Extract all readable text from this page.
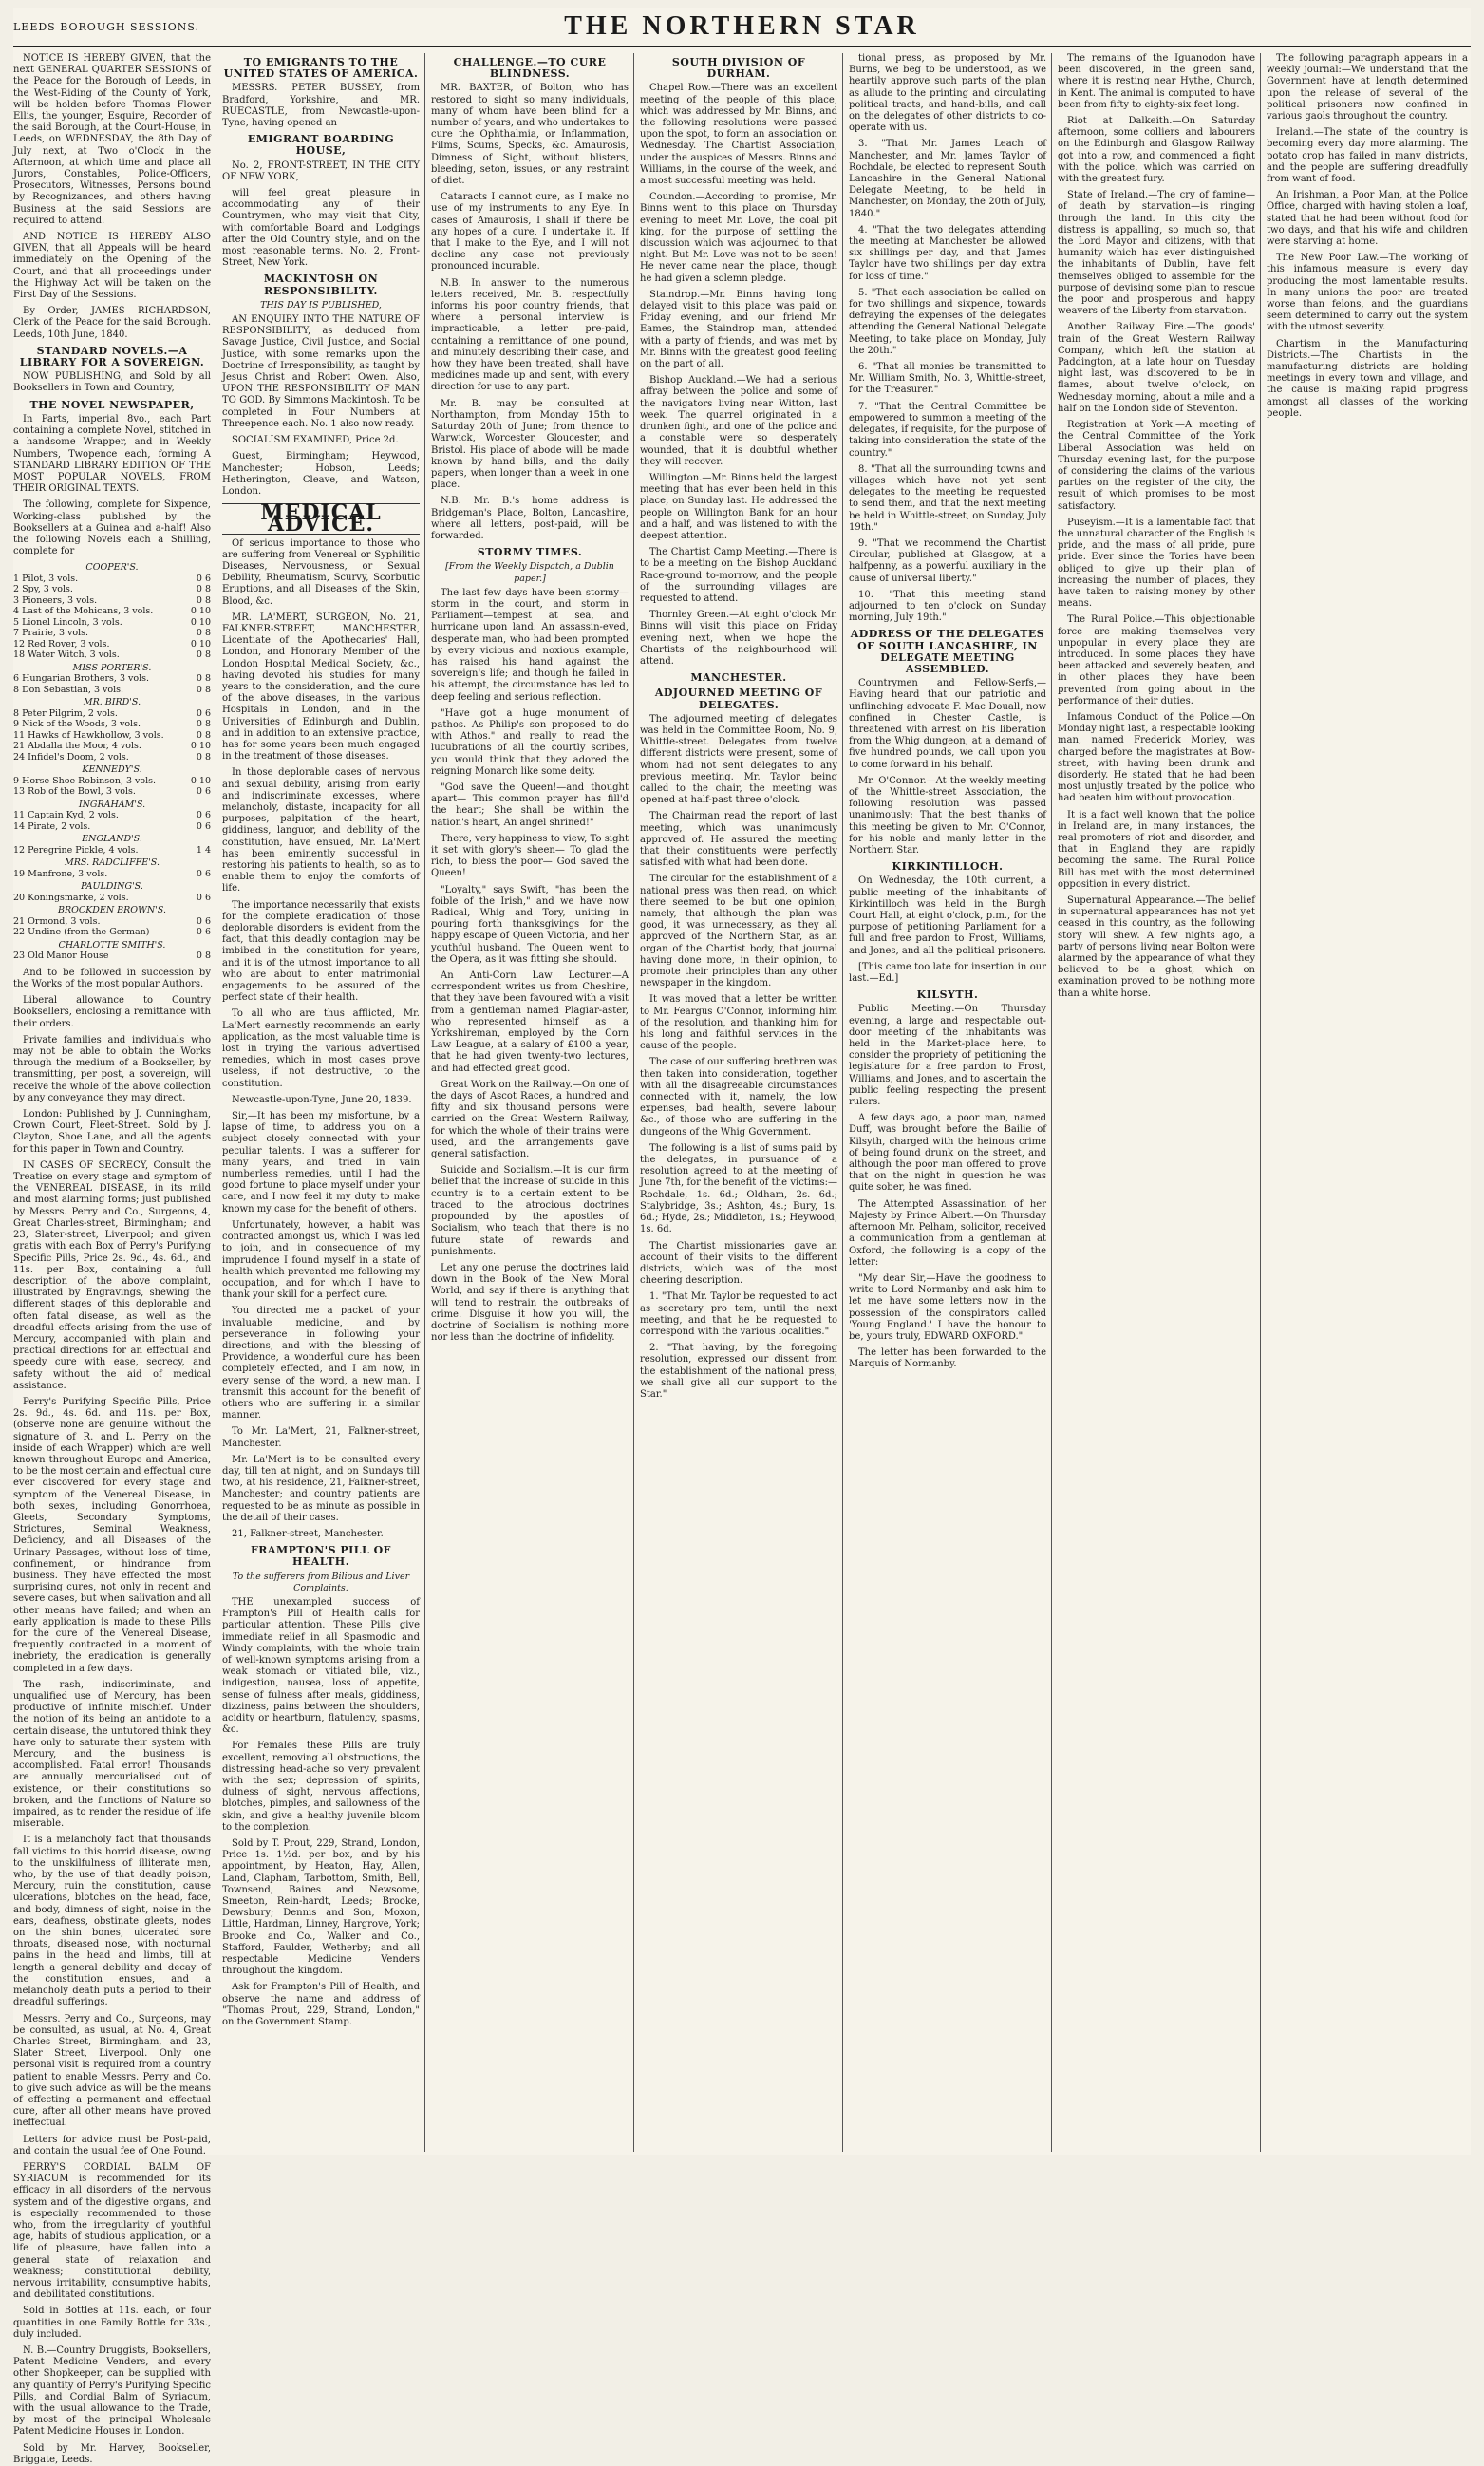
LEEDS BOROUGH SESSIONS.	THE NORTHERN STAR

NOTICE IS HEREBY GIVEN, that the next GENERAL QUARTER SESSIONS of the Peace for the Borough of Leeds, in the West-Riding of the County of York, will be holden before Thomas Flower Ellis, the younger, Esquire, Recorder of the said Borough, at the Court-House, in Leeds, on WEDNESDAY, the 8th Day of July next, at Two o'Clock in the Afternoon, at which time and place all Jurors, Constables, Police-Officers, Prosecutors, Witnesses, Persons bound by Recognizances, and others having Business at the said Sessions are required to attend.

AND NOTICE IS HEREBY ALSO GIVEN, that all Appeals will be heard immediately on the Opening of the Court, and that all proceedings under the Highway Act will be taken on the First Day of the Sessions.

By Order, JAMES RICHARDSON, Clerk of the Peace for the said Borough. Leeds, 10th June, 1840.

STANDARD NOVELS.—A LIBRARY FOR A SOVEREIGN.

NOW PUBLISHING, and Sold by all Booksellers in Town and Country,

THE NOVEL NEWSPAPER,

In Parts, imperial 8vo., each Part containing a complete Novel, stitched in a handsome Wrapper, and in Weekly Numbers, Twopence each, forming A STANDARD LIBRARY EDITION OF THE MOST POPULAR NOVELS, FROM THEIR ORIGINAL TEXTS.

The following, complete for Sixpence, Working-class published by the Booksellers at a Guinea and a-half! Also the following Novels each a Shilling, complete for

COOPER'S.
1 Pilot, 3 vols.	0 6
2 Spy, 3 vols.	0 8
3 Pioneers, 3 vols.	0 8
4 Last of the Mohicans, 3 vols.	0 10
5 Lionel Lincoln, 3 vols.	0 10
7 Prairie, 3 vols.	0 8
12 Red Rover, 3 vols.	0 10
18 Water Witch, 3 vols.	0 8
MISS PORTER'S.
6 Hungarian Brothers, 3 vols.	0 8
8 Don Sebastian, 3 vols.	0 8
MR. BIRD'S.
8 Peter Pilgrim, 2 vols.	0 6
9 Nick of the Woods, 3 vols.	0 8
11 Hawks of Hawkhollow, 3 vols.	0 8
21 Abdalla the Moor, 4 vols.	0 10
24 Infidel's Doom, 2 vols.	0 8
KENNEDY'S.
9 Horse Shoe Robinson, 3 vols.	0 10
13 Rob of the Bowl, 3 vols.	0 6
INGRAHAM'S.
11 Captain Kyd, 2 vols.	0 6
14 Pirate, 2 vols.	0 6
ENGLAND'S.
12 Peregrine Pickle, 4 vols.	1 4
MRS. RADCLIFFE'S.
19 Manfrone, 3 vols.	0 6
PAULDING'S.
20 Koningsmarke, 2 vols.	0 6
BROCKDEN BROWN'S.
21 Ormond, 3 vols.	0 6
22 Undine (from the German)	0 6
CHARLOTTE SMITH'S.
23 Old Manor House	0 8

And to be followed in succession by the Works of the most popular Authors.

Liberal allowance to Country Booksellers, enclosing a remittance with their orders.

Private families and individuals who may not be able to obtain the Works through the medium of a Bookseller, by transmitting, per post, a sovereign, will receive the whole of the above collection by any conveyance they may direct.

London: Published by J. Cunningham, Crown Court, Fleet-Street. Sold by J. Clayton, Shoe Lane, and all the agents for this paper in Town and Country.

IN CASES OF SECRECY, Consult the Treatise on every stage and symptom of the VENEREAL DISEASE, in its mild and most alarming forms; just published by Messrs. Perry and Co., Surgeons, 4, Great Charles-street, Birmingham; and 23, Slater-street, Liverpool; and given gratis with each Box of Perry's Purifying Specific Pills, Price 2s. 9d., 4s. 6d., and 11s. per Box, containing a full description of the above complaint, illustrated by Engravings, shewing the different stages of this deplorable and often fatal disease, as well as the dreadful effects arising from the use of Mercury, accompanied with plain and practical directions for an effectual and speedy cure with ease, secrecy, and safety without the aid of medical assistance.

Perry's Purifying Specific Pills, Price 2s. 9d., 4s. 6d. and 11s. per Box, (observe none are genuine without the signature of R. and L. Perry on the inside of each Wrapper) which are well known throughout Europe and America, to be the most certain and effectual cure ever discovered for every stage and symptom of the Venereal Disease, in both sexes, including Gonorrhoea, Gleets, Secondary Symptoms, Strictures, Seminal Weakness, Deficiency, and all Diseases of the Urinary Passages, without loss of time, confinement, or hindrance from business. They have effected the most surprising cures, not only in recent and severe cases, but when salivation and all other means have failed; and when an early application is made to these Pills for the cure of the Venereal Disease, frequently contracted in a moment of inebriety, the eradication is generally completed in a few days.

The rash, indiscriminate, and unqualified use of Mercury, has been productive of infinite mischief. Under the notion of its being an antidote to a certain disease, the untutored think they have only to saturate their system with Mercury, and the business is accomplished. Fatal error! Thousands are annually mercurialised out of existence, or their constitutions so broken, and the functions of Nature so impaired, as to render the residue of life miserable.

It is a melancholy fact that thousands fall victims to this horrid disease, owing to the unskilfulness of illiterate men, who, by the use of that deadly poison, Mercury, ruin the constitution, cause ulcerations, blotches on the head, face, and body, dimness of sight, noise in the ears, deafness, obstinate gleets, nodes on the shin bones, ulcerated sore throats, diseased nose, with nocturnal pains in the head and limbs, till at length a general debility and decay of the constitution ensues, and a melancholy death puts a period to their dreadful sufferings.

Messrs. Perry and Co., Surgeons, may be consulted, as usual, at No. 4, Great Charles Street, Birmingham, and 23, Slater Street, Liverpool. Only one personal visit is required from a country patient to enable Messrs. Perry and Co. to give such advice as will be the means of effecting a permanent and effectual cure, after all other means have proved ineffectual.

Letters for advice must be Post-paid, and contain the usual fee of One Pound.

PERRY'S CORDIAL BALM OF SYRIACUM is recommended for its efficacy in all disorders of the nervous system and of the digestive organs, and is especially recommended to those who, from the irregularity of youthful age, habits of studious application, or a life of pleasure, have fallen into a general state of relaxation and weakness; constitutional debility, nervous irritability, consumptive habits, and debilitated constitutions.

Sold in Bottles at 11s. each, or four quantities in one Family Bottle for 33s., duly included.

N. B.—Country Druggists, Booksellers, Patent Medicine Venders, and every other Shopkeeper, can be supplied with any quantity of Perry's Purifying Specific Pills, and Cordial Balm of Syriacum, with the usual allowance to the Trade, by most of the principal Wholesale Patent Medicine Houses in London.

Sold by Mr. Harvey, Bookseller, Briggate, Leeds.

TO EMIGRANTS TO THE UNITED STATES OF AMERICA.

MESSRS. PETER BUSSEY, from Bradford, Yorkshire, and MR. RUECASTLE, from Newcastle-upon-Tyne, having opened an

EMIGRANT BOARDING HOUSE,

No. 2, FRONT-STREET, IN THE CITY OF NEW YORK,

will feel great pleasure in accommodating any of their Countrymen, who may visit that City, with comfortable Board and Lodgings after the Old Country style, and on the most reasonable terms. No. 2, Front-Street, New York.

MACKINTOSH ON RESPONSIBILITY.
THIS DAY IS PUBLISHED,

AN ENQUIRY INTO THE NATURE OF RESPONSIBILITY, as deduced from Savage Justice, Civil Justice, and Social Justice, with some remarks upon the Doctrine of Irresponsibility, as taught by Jesus Christ and Robert Owen. Also, UPON THE RESPONSIBILITY OF MAN TO GOD. By Simmons Mackintosh. To be completed in Four Numbers at Threepence each. No. 1 also now ready.

SOCIALISM EXAMINED, Price 2d.

Guest, Birmingham; Heywood, Manchester; Hobson, Leeds; Hetherington, Cleave, and Watson, London.

MEDICAL ADVICE.

Of serious importance to those who are suffering from Venereal or Syphilitic Diseases, Nervousness, or Sexual Debility, Rheumatism, Scurvy, Scorbutic Eruptions, and all Diseases of the Skin, Blood, &c.

MR. LA'MERT, SURGEON, No. 21, FALKNER-STREET, MANCHESTER, Licentiate of the Apothecaries' Hall, London, and Honorary Member of the London Hospital Medical Society, &c., having devoted his studies for many years to the consideration, and the cure of the above diseases, in the various Hospitals in London, and in the Universities of Edinburgh and Dublin, and in addition to an extensive practice, has for some years been much engaged in the treatment of those diseases.

In those deplorable cases of nervous and sexual debility, arising from early and indiscriminate excesses, where melancholy, distaste, incapacity for all purposes, palpitation of the heart, giddiness, languor, and debility of the constitution, have ensued, Mr. La'Mert has been eminently successful in restoring his patients to health, so as to enable them to enjoy the comforts of life.

The importance necessarily that exists for the complete eradication of those deplorable disorders is evident from the fact, that this deadly contagion may be imbibed in the constitution for years, and it is of the utmost importance to all who are about to enter matrimonial engagements to be assured of the perfect state of their health.

To all who are thus afflicted, Mr. La'Mert earnestly recommends an early application, as the most valuable time is lost in trying the various advertised remedies, which in most cases prove useless, if not destructive, to the constitution.

Newcastle-upon-Tyne, June 20, 1839.

Sir,—It has been my misfortune, by a lapse of time, to address you on a subject closely connected with your peculiar talents. I was a sufferer for many years, and tried in vain numberless remedies, until I had the good fortune to place myself under your care, and I now feel it my duty to make known my case for the benefit of others.

Unfortunately, however, a habit was contracted amongst us, which I was led to join, and in consequence of my imprudence I found myself in a state of health which prevented me following my occupation, and for which I have to thank your skill for a perfect cure.

You directed me a packet of your invaluable medicine, and by perseverance in following your directions, and with the blessing of Providence, a wonderful cure has been completely effected, and I am now, in every sense of the word, a new man. I transmit this account for the benefit of others who are suffering in a similar manner.

To Mr. La'Mert, 21, Falkner-street, Manchester.

Mr. La'Mert is to be consulted every day, till ten at night, and on Sundays till two, at his residence, 21, Falkner-street, Manchester; and country patients are requested to be as minute as possible in the detail of their cases.

21, Falkner-street, Manchester.

FRAMPTON'S PILL OF HEALTH.
To the sufferers from Bilious and Liver Complaints.

THE unexampled success of Frampton's Pill of Health calls for particular attention. These Pills give immediate relief in all Spasmodic and Windy complaints, with the whole train of well-known symptoms arising from a weak stomach or vitiated bile, viz., indigestion, nausea, loss of appetite, sense of fulness after meals, giddiness, dizziness, pains between the shoulders, acidity or heartburn, flatulency, spasms, &c.

For Females these Pills are truly excellent, removing all obstructions, the distressing head-ache so very prevalent with the sex; depression of spirits, dulness of sight, nervous affections, blotches, pimples, and sallowness of the skin, and give a healthy juvenile bloom to the complexion.

Sold by T. Prout, 229, Strand, London, Price 1s. 1½d. per box, and by his appointment, by Heaton, Hay, Allen, Land, Clapham, Tarbottom, Smith, Bell, Townsend, Baines and Newsome, Smeeton, Rein-hardt, Leeds; Brooke, Dewsbury; Dennis and Son, Moxon, Little, Hardman, Linney, Hargrove, York; Brooke and Co., Walker and Co., Stafford, Faulder, Wetherby; and all respectable Medicine Venders throughout the kingdom.

Ask for Frampton's Pill of Health, and observe the name and address of "Thomas Prout, 229, Strand, London," on the Government Stamp.

CHALLENGE.—TO CURE BLINDNESS.

MR. BAXTER, of Bolton, who has restored to sight so many individuals, many of whom have been blind for a number of years, and who undertakes to cure the Ophthalmia, or Inflammation, Films, Scums, Specks, &c. Amaurosis, Dimness of Sight, without blisters, bleeding, seton, issues, or any restraint of diet.

Cataracts I cannot cure, as I make no use of my instruments to any Eye. In cases of Amaurosis, I shall if there be any hopes of a cure, I undertake it. If that I make to the Eye, and I will not decline any case not previously pronounced incurable.

N.B. In answer to the numerous letters received, Mr. B. respectfully informs his poor country friends, that where a personal interview is impracticable, a letter pre-paid, containing a remittance of one pound, and minutely describing their case, and how they have been treated, shall have medicines made up and sent, with every direction for use to any part.

Mr. B. may be consulted at Northampton, from Monday 15th to Saturday 20th of June; from thence to Warwick, Worcester, Gloucester, and Bristol. His place of abode will be made known by hand bills, and the daily papers, when longer than a week in one place.

N.B. Mr. B.'s home address is Bridgeman's Place, Bolton, Lancashire, where all letters, post-paid, will be forwarded.

STORMY TIMES.
[From the Weekly Dispatch, a Dublin paper.]

The last few days have been stormy—storm in the court, and storm in Parliament—tempest at sea, and hurricane upon land. An assassin-eyed, desperate man, who had been prompted by every vicious and noxious example, has raised his hand against the sovereign's life; and though he failed in his attempt, the circumstance has led to deep feeling and serious reflection.

"Have got a huge monument of pathos. As Philip's son proposed to do with Athos." and really to read the lucubrations of all the courtly scribes, you would think that they adored the reigning Monarch like some deity.

"God save the Queen!—and thought apart— This common prayer has fill'd the heart; She shall be within the nation's heart, An angel shrined!"

There, very happiness to view, To sight it set with glory's sheen— To glad the rich, to bless the poor— God saved the Queen!

"Loyalty," says Swift, "has been the foible of the Irish," and we have now Radical, Whig and Tory, uniting in pouring forth thanksgivings for the happy escape of Queen Victoria, and her youthful husband. The Queen went to the Opera, as it was fitting she should.

An Anti-Corn Law Lecturer.—A correspondent writes us from Cheshire, that they have been favoured with a visit from a gentleman named Plagiar-aster, who represented himself as a Yorkshireman, employed by the Corn Law League, at a salary of £100 a year, that he had given twenty-two lectures, and had effected great good.

Great Work on the Railway.—On one of the days of Ascot Races, a hundred and fifty and six thousand persons were carried on the Great Western Railway, for which the whole of their trains were used, and the arrangements gave general satisfaction.

Suicide and Socialism.—It is our firm belief that the increase of suicide in this country is to a certain extent to be traced to the atrocious doctrines propounded by the apostles of Socialism, who teach that there is no future state of rewards and punishments.

Let any one peruse the doctrines laid down in the Book of the New Moral World, and say if there is anything that will tend to restrain the outbreaks of crime. Disguise it how you will, the doctrine of Socialism is nothing more nor less than the doctrine of infidelity.

SOUTH DIVISION OF DURHAM.

Chapel Row.—There was an excellent meeting of the people of this place, which was addressed by Mr. Binns, and the following resolutions were passed upon the spot, to form an association on Wednesday. The Chartist Association, under the auspices of Messrs. Binns and Williams, in the course of the week, and a most successful meeting was held.

Coundon.—According to promise, Mr. Binns went to this place on Thursday evening to meet Mr. Love, the coal pit king, for the purpose of settling the discussion which was adjourned to that night. But Mr. Love was not to be seen! He never came near the place, though he had given a solemn pledge.

Staindrop.—Mr. Binns having long delayed visit to this place was paid on Friday evening, and our friend Mr. Eames, the Staindrop man, attended with a party of friends, and was met by Mr. Binns with the greatest good feeling on the part of all.

Bishop Auckland.—We had a serious affray between the police and some of the navigators living near Witton, last week. The quarrel originated in a drunken fight, and one of the police and a constable were so desperately wounded, that it is doubtful whether they will recover.

Willington.—Mr. Binns held the largest meeting that has ever been held in this place, on Sunday last. He addressed the people on Willington Bank for an hour and a half, and was listened to with the deepest attention.

The Chartist Camp Meeting.—There is to be a meeting on the Bishop Auckland Race-ground to-morrow, and the people of the surrounding villages are requested to attend.

Thornley Green.—At eight o'clock Mr. Binns will visit this place on Friday evening next, when we hope the Chartists of the neighbourhood will attend.

MANCHESTER.
ADJOURNED MEETING OF DELEGATES.

The adjourned meeting of delegates was held in the Committee Room, No. 9, Whittle-street. Delegates from twelve different districts were present, some of whom had not sent delegates to any previous meeting. Mr. Taylor being called to the chair, the meeting was opened at half-past three o'clock.

The Chairman read the report of last meeting, which was unanimously approved of. He assured the meeting that their constituents were perfectly satisfied with what had been done.

The circular for the establishment of a national press was then read, on which there seemed to be but one opinion, namely, that although the plan was good, it was unnecessary, as they all approved of the Northern Star, as an organ of the Chartist body, that journal having done more, in their opinion, to promote their principles than any other newspaper in the kingdom.

It was moved that a letter be written to Mr. Feargus O'Connor, informing him of the resolution, and thanking him for his long and faithful services in the cause of the people.

The case of our suffering brethren was then taken into consideration, together with all the disagreeable circumstances connected with it, namely, the low expenses, bad health, severe labour, &c., of those who are suffering in the dungeons of the Whig Government.

The following is a list of sums paid by the delegates, in pursuance of a resolution agreed to at the meeting of June 7th, for the benefit of the victims:—Rochdale, 1s. 6d.; Oldham, 2s. 6d.; Stalybridge, 3s.; Ashton, 4s.; Bury, 1s. 6d.; Hyde, 2s.; Middleton, 1s.; Heywood, 1s. 6d.

The Chartist missionaries gave an account of their visits to the different districts, which was of the most cheering description.

1. "That Mr. Taylor be requested to act as secretary pro tem, until the next meeting, and that he be requested to correspond with the various localities."

2. "That having, by the foregoing resolution, expressed our dissent from the establishment of the national press, we shall give all our support to the Star."

tional press, as proposed by Mr. Burns, we beg to be understood, as we heartily approve such parts of the plan as allude to the printing and circulating political tracts, and hand-bills, and call on the delegates of other districts to co-operate with us.

3. "That Mr. James Leach of Manchester, and Mr. James Taylor of Rochdale, be elected to represent South Lancashire in the General National Delegate Meeting, to be held in Manchester, on Monday, the 20th of July, 1840."

4. "That the two delegates attending the meeting at Manchester be allowed six shillings per day, and that James Taylor have two shillings per day extra for loss of time."

5. "That each association be called on for two shillings and sixpence, towards defraying the expenses of the delegates attending the General National Delegate Meeting, to take place on Monday, July the 20th."

6. "That all monies be transmitted to Mr. William Smith, No. 3, Whittle-street, for the Treasurer."

7. "That the Central Committee be empowered to summon a meeting of the delegates, if requisite, for the purpose of taking into consideration the state of the country."

8. "That all the surrounding towns and villages which have not yet sent delegates to the meeting be requested to send them, and that the next meeting be held in Whittle-street, on Sunday, July 19th."

9. "That we recommend the Chartist Circular, published at Glasgow, at a halfpenny, as a powerful auxiliary in the cause of universal liberty."

10. "That this meeting stand adjourned to ten o'clock on Sunday morning, July 19th."

ADDRESS OF THE DELEGATES OF SOUTH LANCASHIRE, IN DELEGATE MEETING ASSEMBLED.

Countrymen and Fellow-Serfs,—Having heard that our patriotic and unflinching advocate F. Mac Douall, now confined in Chester Castle, is threatened with arrest on his liberation from the Whig dungeon, at a demand of five hundred pounds, we call upon you to come forward in his behalf.

Mr. O'Connor.—At the weekly meeting of the Whittle-street Association, the following resolution was passed unanimously: That the best thanks of this meeting be given to Mr. O'Connor, for his noble and manly letter in the Northern Star.

KIRKINTILLOCH.

On Wednesday, the 10th current, a public meeting of the inhabitants of Kirkintilloch was held in the Burgh Court Hall, at eight o'clock, p.m., for the purpose of petitioning Parliament for a full and free pardon to Frost, Williams, and Jones, and all the political prisoners.

[This came too late for insertion in our last.—Ed.]

KILSYTH.

Public Meeting.—On Thursday evening, a large and respectable out-door meeting of the inhabitants was held in the Market-place here, to consider the propriety of petitioning the legislature for a free pardon to Frost, Williams, and Jones, and to ascertain the public feeling respecting the present rulers.

A few days ago, a poor man, named Duff, was brought before the Bailie of Kilsyth, charged with the heinous crime of being found drunk on the street, and although the poor man offered to prove that on the night in question he was quite sober, he was fined.

The Attempted Assassination of her Majesty by Prince Albert.—On Thursday afternoon Mr. Pelham, solicitor, received a communication from a gentleman at Oxford, the following is a copy of the letter:

"My dear Sir,—Have the goodness to write to Lord Normanby and ask him to let me have some letters now in the possession of the conspirators called 'Young England.' I have the honour to be, yours truly, EDWARD OXFORD."

The letter has been forwarded to the Marquis of Normanby.

The remains of the Iguanodon have been discovered, in the green sand, where it is resting near Hythe, Church, in Kent. The animal is computed to have been from fifty to eighty-six feet long.

Riot at Dalkeith.—On Saturday afternoon, some colliers and labourers on the Edinburgh and Glasgow Railway got into a row, and commenced a fight with the police, which was carried on with the greatest fury.

State of Ireland.—The cry of famine—of death by starvation—is ringing through the land. In this city the distress is appalling, so much so, that the Lord Mayor and citizens, with that humanity which has ever distinguished the inhabitants of Dublin, have felt themselves obliged to assemble for the purpose of devising some plan to rescue the poor and prosperous and happy weavers of the Liberty from starvation.

Another Railway Fire.—The goods' train of the Great Western Railway Company, which left the station at Paddington, at a late hour on Tuesday night last, was discovered to be in flames, about twelve o'clock, on Wednesday morning, about a mile and a half on the London side of Steventon.

Registration at York.—A meeting of the Central Committee of the York Liberal Association was held on Thursday evening last, for the purpose of considering the claims of the various parties on the register of the city, the result of which promises to be most satisfactory.

Puseyism.—It is a lamentable fact that the unnatural character of the English is pride, and the mass of all pride, pure pride. Ever since the Tories have been obliged to give up their plan of increasing the number of places, they have taken to raising money by other means.

The Rural Police.—This objectionable force are making themselves very unpopular in every place they are introduced. In some places they have been attacked and severely beaten, and in other places they have been prevented from going about in the performance of their duties.

Infamous Conduct of the Police.—On Monday night last, a respectable looking man, named Frederick Morley, was charged before the magistrates at Bow-street, with having been drunk and disorderly. He stated that he had been most unjustly treated by the police, who had beaten him without provocation.

It is a fact well known that the police in Ireland are, in many instances, the real promoters of riot and disorder, and that in England they are rapidly becoming the same. The Rural Police Bill has met with the most determined opposition in every district.

Supernatural Appearance.—The belief in supernatural appearances has not yet ceased in this country, as the following story will shew. A few nights ago, a party of persons living near Bolton were alarmed by the appearance of what they believed to be a ghost, which on examination proved to be nothing more than a white horse.

The following paragraph appears in a weekly journal:—We understand that the Government have at length determined upon the release of several of the political prisoners now confined in various gaols throughout the country.

Ireland.—The state of the country is becoming every day more alarming. The potato crop has failed in many districts, and the people are suffering dreadfully from want of food.

An Irishman, a Poor Man, at the Police Office, charged with having stolen a loaf, stated that he had been without food for two days, and that his wife and children were starving at home.

The New Poor Law.—The working of this infamous measure is every day producing the most lamentable results. In many unions the poor are treated worse than felons, and the guardians seem determined to carry out the system with the utmost severity.

Chartism in the Manufacturing Districts.—The Chartists in the manufacturing districts are holding meetings in every town and village, and the cause is making rapid progress amongst all classes of the working people.
